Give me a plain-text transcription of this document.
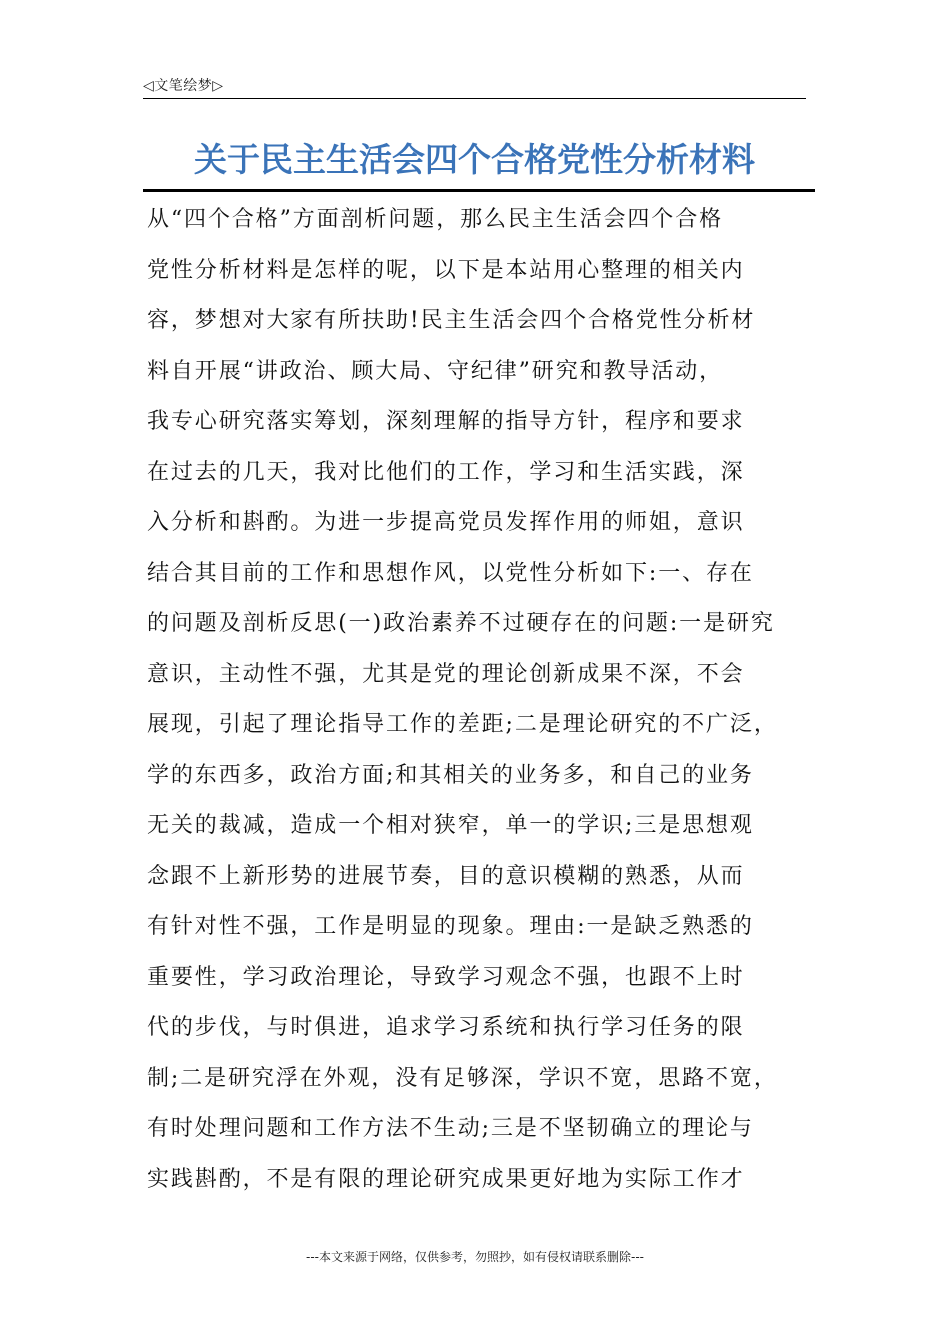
◁文笔绘梦▷
关于民主生活会四个合格党性分析材料
从“四个合格”方面剖析问题，那么民主生活会四个合格
党性分析材料是怎样的呢，以下是本站用心整理的相关内
容，梦想对大家有所扶助!民主生活会四个合格党性分析材
料自开展“讲政治、顾大局、守纪律”研究和教导活动，
我专心研究落实筹划，深刻理解的指导方针，程序和要求
在过去的几天，我对比他们的工作，学习和生活实践，深
入分析和斟酌。为进一步提高党员发挥作用的师姐，意识
结合其目前的工作和思想作风，以党性分析如下:一、存在
的问题及剖析反思(一)政治素养不过硬存在的问题:一是研究
意识，主动性不强，尤其是党的理论创新成果不深，不会
展现，引起了理论指导工作的差距;二是理论研究的不广泛，
学的东西多，政治方面;和其相关的业务多，和自己的业务
无关的裁减，造成一个相对狭窄，单一的学识;三是思想观
念跟不上新形势的进展节奏，目的意识模糊的熟悉，从而
有针对性不强，工作是明显的现象。理由:一是缺乏熟悉的
重要性，学习政治理论，导致学习观念不强，也跟不上时
代的步伐，与时俱进，追求学习系统和执行学习任务的限
制;二是研究浮在外观，没有足够深，学识不宽，思路不宽，
有时处理问题和工作方法不生动;三是不坚韧确立的理论与
实践斟酌，不是有限的理论研究成果更好地为实际工作才
---本文来源于网络，仅供参考，勿照抄，如有侵权请联系删除---
